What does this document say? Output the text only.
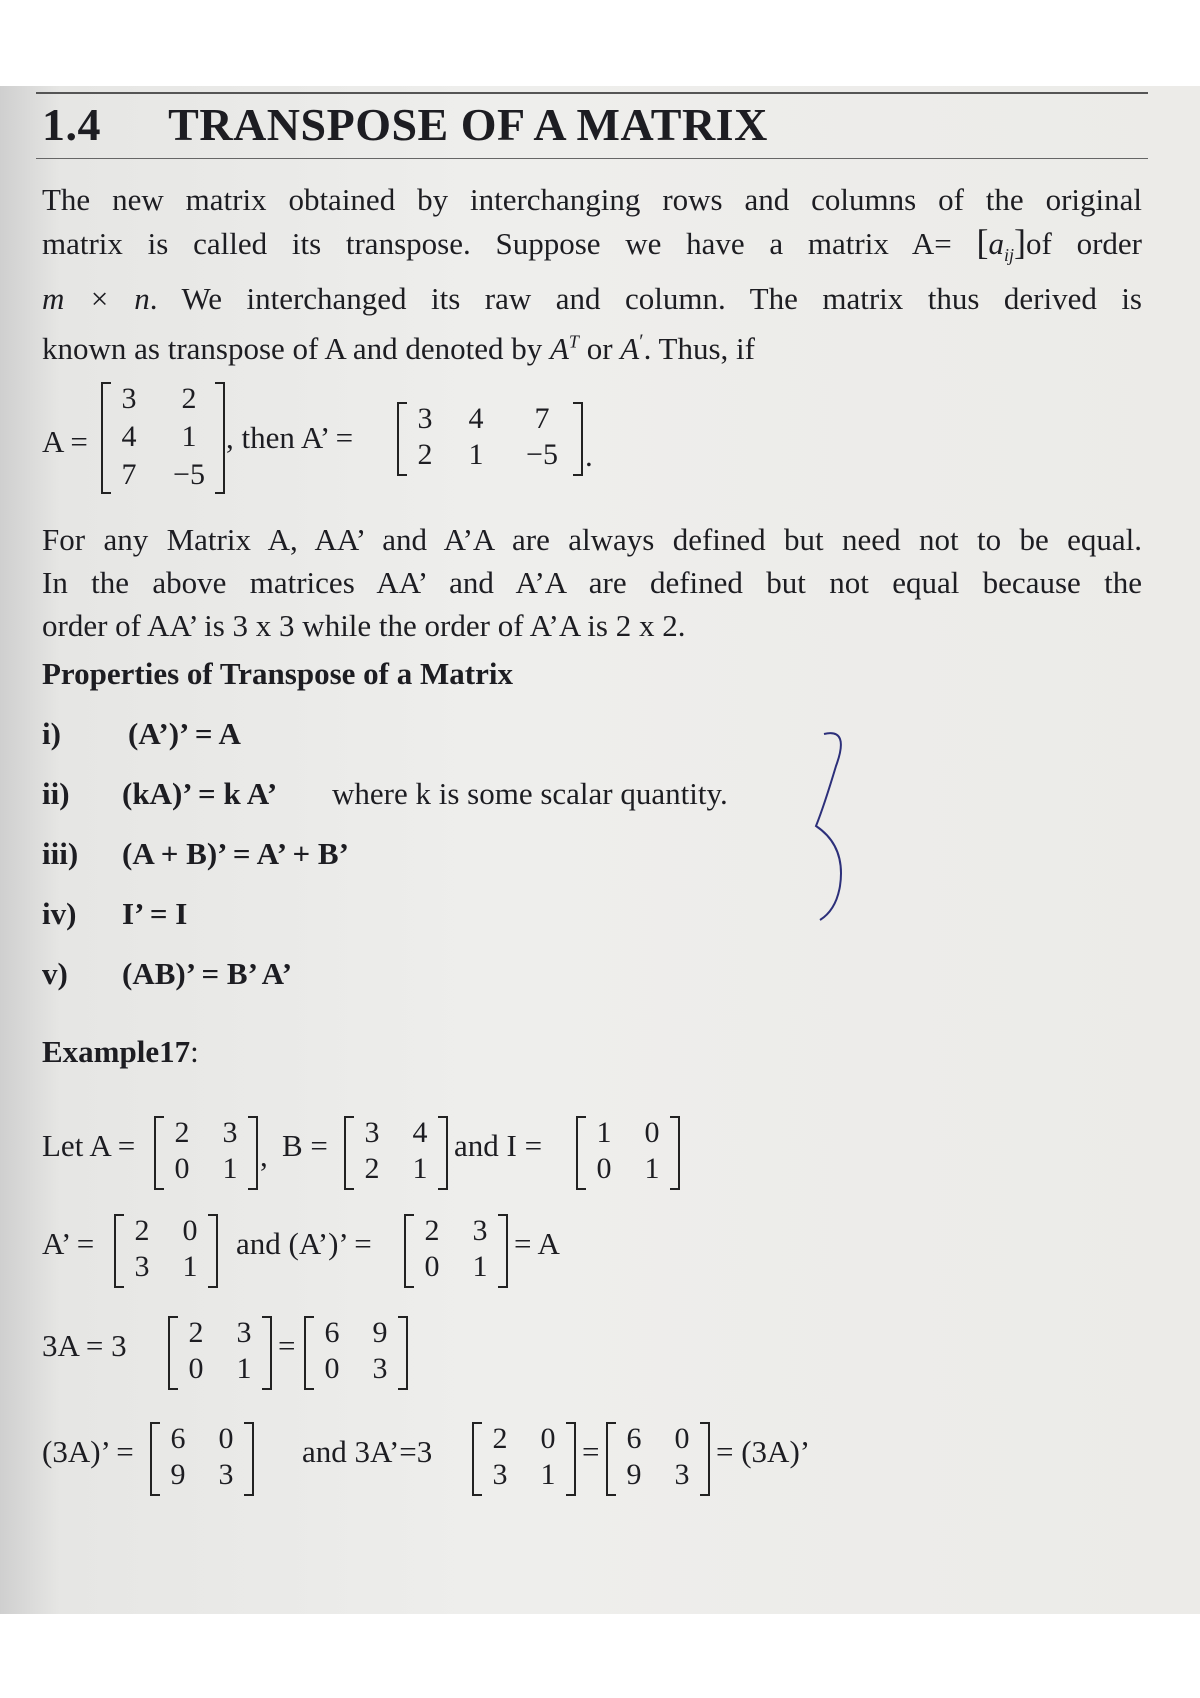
1.4 TRANSPOSE OF A MATRIX
The new matrix obtained by interchanging rows and columns of the original
matrix is called its transpose. Suppose we have a matrix $A= [a_{ij}]of$ order
m × n. We interchanged its raw and column. The matrix thus derived is
known as transpose of A and denoted by $A^T$ or A′. Thus, if
A =
3	2
4	1
7	−5
, then A’ =
3	4	7
2	1	−5 .
For any Matrix A, AA’ and A’A are always defined but need not to be equal.
In the above matrices AA’ and A’A are defined but not equal because the
order of AA’ is 3 x 3 while the order of A’A is 2 x 2.
Properties of Transpose of a Matrix
i) (A’)’ = A
ii) (kA)’ = k A’ where k is some scalar quantity.
iii) (A + B)’ = A’ + B’
iv) I’ = I
v) (AB)’ = B’ A’
Example17:
Let A =	2	3
0	1 , B =	3	4
2	1
and I =	1	0
0	1
A’ =	2	0
3	1
and (A’)’ =	2	3
0	1
= A
3A = 3	2	3
0	1
= 6	9
0	3
(3A)’ =	6	0
9	3
and 3A’=3	2	0
3	1
= 6	0
9	3
= (3A)’
